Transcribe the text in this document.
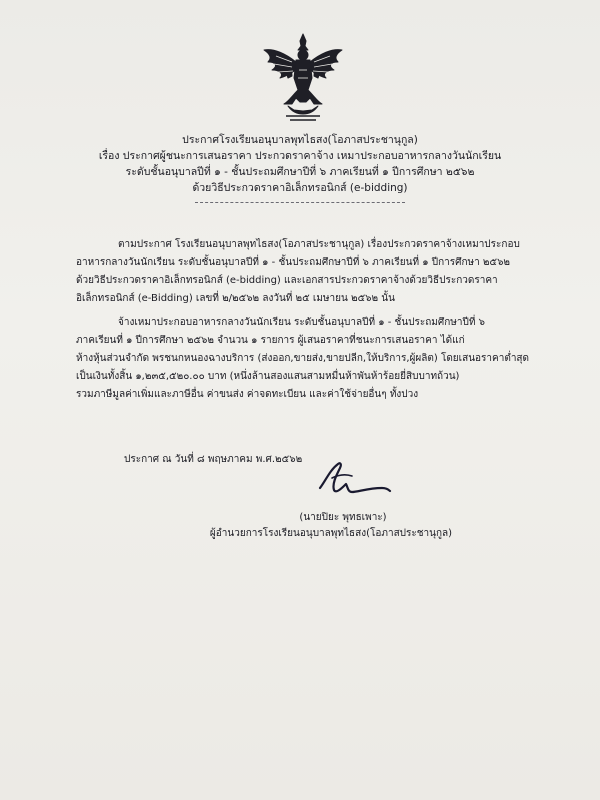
ประกาศโรงเรียนอนุบาลพุทไธสง(โอภาสประชานุกูล)
เรื่อง ประกาศผู้ชนะการเสนอราคา ประกวดราคาจ้าง เหมาประกอบอาหารกลางวันนักเรียน
ระดับชั้นอนุบาลปีที่ ๑ - ชั้นประถมศึกษาปีที่ ๖ ภาคเรียนที่ ๑ ปีการศึกษา ๒๕๖๒
ด้วยวิธีประกวดราคาอิเล็กทรอนิกส์ (e-bidding)
ตามประกาศ โรงเรียนอนุบาลพุทไธสง(โอภาสประชานุกูล) เรื่องประกวดราคาจ้างเหมาประกอบ
อาหารกลางวันนักเรียน ระดับชั้นอนุบาลปีที่ ๑ - ชั้นประถมศึกษาปีที่ ๖ ภาคเรียนที่ ๑ ปีการศึกษา ๒๕๖๒
ด้วยวิธีประกวดราคาอิเล็กทรอนิกส์ (e-bidding) และเอกสารประกวดราคาจ้างด้วยวิธีประกวดราคา
อิเล็กทรอนิกส์ (e-Bidding) เลขที่ ๒/๒๕๖๒ ลงวันที่ ๒๕ เมษายน ๒๕๖๒ นั้น
จ้างเหมาประกอบอาหารกลางวันนักเรียน ระดับชั้นอนุบาลปีที่ ๑ - ชั้นประถมศึกษาปีที่ ๖
ภาคเรียนที่ ๑ ปีการศึกษา ๒๕๖๒ จำนวน ๑ รายการ ผู้เสนอราคาที่ชนะการเสนอราคา ได้แก่
ห้างหุ้นส่วนจำกัด พรชนกหนองฉางบริการ (ส่งออก,ขายส่ง,ขายปลีก,ให้บริการ,ผู้ผลิต) โดยเสนอราคาต่ำสุด
เป็นเงินทั้งสิ้น ๑,๒๓๕,๕๒๐.๐๐ บาท (หนึ่งล้านสองแสนสามหมื่นห้าพันห้าร้อยยี่สิบบาทถ้วน)
รวมภาษีมูลค่าเพิ่มและภาษีอื่น ค่าขนส่ง ค่าจดทะเบียน และค่าใช้จ่ายอื่นๆ ทั้งปวง
ประกาศ ณ วันที่ ๘ พฤษภาคม พ.ศ.๒๕๖๒
(นายปิยะ พุทธเพาะ)
ผู้อำนวยการโรงเรียนอนุบาลพุทไธสง(โอภาสประชานุกูล)
